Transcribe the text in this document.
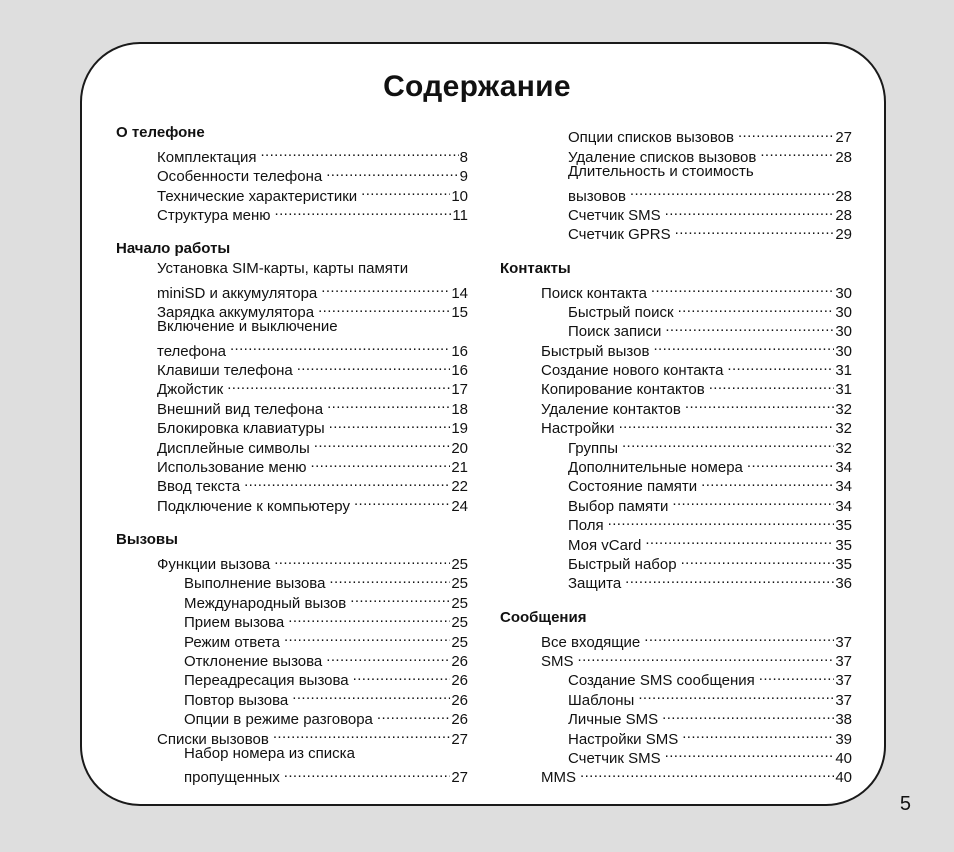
Содержание
О телефоне
Комплектация .....	8
Особенности телефона .....	9
Технические характеристики .....	10
Структура меню .....	11
Начало работы
Установка SIM-карты, карты памяти
miniSD и аккумулятора .....	14
Зарядка аккумулятора .....	15
Включение и выключение
телефона .....	16
Клавиши телефона .....	16
Джойстик .....	17
Внешний вид телефона .....	18
Блокировка клавиатуры .....	19
Дисплейные символы .....	20
Использование меню .....	21
Ввод текста .....	22
Подключение к компьютеру .....	24
Вызовы
Функции вызова .....	25
Выполнение вызова .....	25
Международный вызов .....	25
Прием вызова .....	25
Режим ответа .....	25
Отклонение вызова .....	26
Переадресация вызова .....	26
Повтор вызова .....	26
Опции в режиме разговора .....	26
Списки вызовов .....	27
Набор номера из списка
пропущенных .....	27
Опции списков вызовов .....	27
Удаление списков вызовов .....	28
Длительность и стоимость
вызовов .....	28
Счетчик SMS .....	28
Счетчик GPRS .....	29
Контакты
Поиск контакта .....	30
Быстрый поиск .....	30
Поиск записи .....	30
Быстрый вызов .....	30
Создание нового контакта .....	31
Копирование контактов .....	31
Удаление контактов .....	32
Настройки .....	32
Группы .....	32
Дополнительные номера .....	34
Состояние памяти .....	34
Выбор памяти .....	34
Поля .....	35
Моя vCard .....	35
Быстрый набор .....	35
Защита .....	36
Сообщения
Все входящие .....	37
SMS .....	37
Создание SMS сообщения .....	37
Шаблоны .....	37
Личные SMS .....	38
Настройки SMS .....	39
Счетчик SMS .....	40
MMS .....	40
5
